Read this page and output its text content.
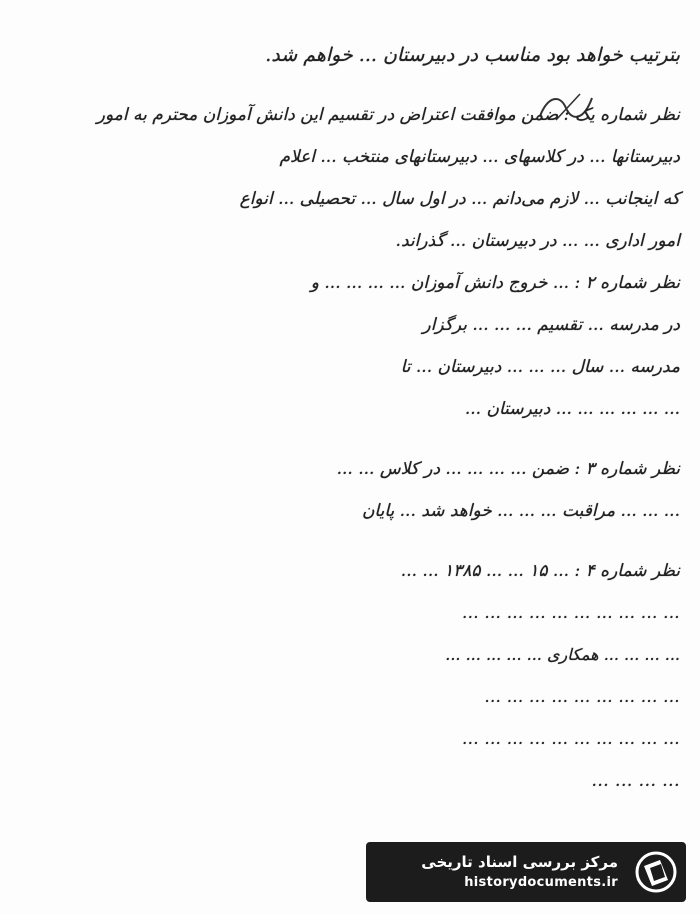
بترتیب خواهد بود مناسب در دبیرستان ... خواهم شد.
نظر شماره یک : ضمن موافقت اعتراض در تقسیم این دانش آموزان محترم به امور
دبیرستانها ... در کلاسهای ... دبیرستانهای منتخب ... اعلام
که اینجانب ... لازم می‌دانم ... در اول سال ... تحصیلی ... انواع
امور اداری ... ... در دبیرستان ... گذراند.
نظر شماره ۲ : ... خروج دانش آموزان ... ... ... ... و
در مدرسه ... تقسیم ... ... ... برگزار
مدرسه ... سال ... ... ... دبیرستان ... تا
... ... ... ... ... ... دبیرستان ...
نظر شماره ۳ : ضمن ... ... ... ... در کلاس ... ...
... ... ... مراقبت ... ... ... خواهد شد ... پایان
نظر شماره ۴ : ... ۱۵ ... ... ۱۳۸۵ ... ...
... ... ... ... ... ... ... ... ... ...
... ... ... ... همکاری ... ... ... ... ...
... ... ... ... ... ... ... ... ...
... ... ... ... ... ... ... ... ... ...
... ... ... ...
مرکز بررسی اسناد تاریخی
historydocuments.ir
